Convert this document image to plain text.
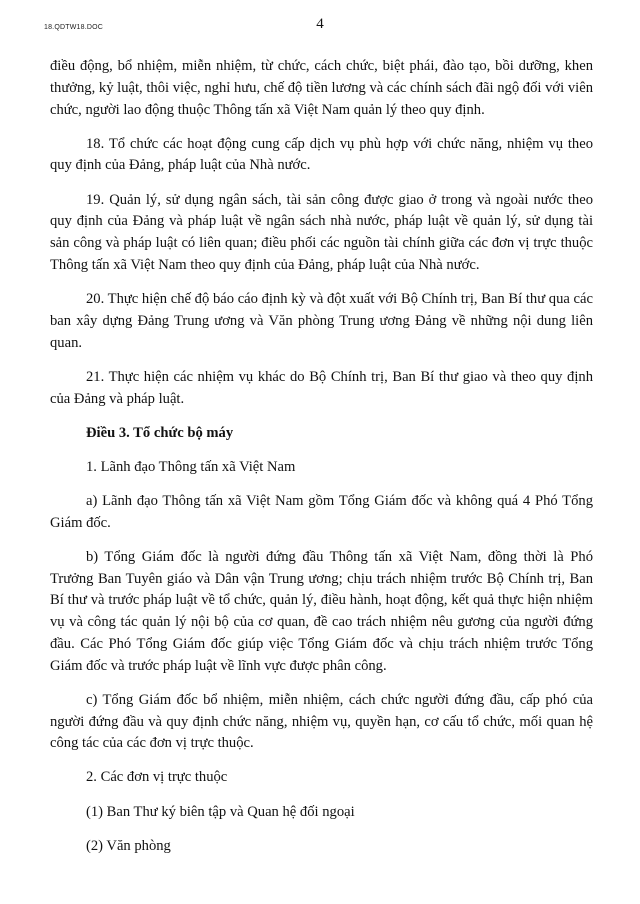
18.QDTW18.DOC	4

điều động, bổ nhiệm, miễn nhiệm, từ chức, cách chức, biệt phái, đào tạo, bồi dưỡng, khen thưởng, kỷ luật, thôi việc, nghỉ hưu, chế độ tiền lương và các chính sách đãi ngộ đối với viên chức, người lao động thuộc Thông tấn xã Việt Nam quản lý theo quy định.

18. Tổ chức các hoạt động cung cấp dịch vụ phù hợp với chức năng, nhiệm vụ theo quy định của Đảng, pháp luật của Nhà nước.

19. Quản lý, sử dụng ngân sách, tài sản công được giao ở trong và ngoài nước theo quy định của Đảng và pháp luật về ngân sách nhà nước, pháp luật về quản lý, sử dụng tài sản công và pháp luật có liên quan; điều phối các nguồn tài chính giữa các đơn vị trực thuộc Thông tấn xã Việt Nam theo quy định của Đảng, pháp luật của Nhà nước.

20. Thực hiện chế độ báo cáo định kỳ và đột xuất với Bộ Chính trị, Ban Bí thư qua các ban xây dựng Đảng Trung ương và Văn phòng Trung ương Đảng về những nội dung liên quan.

21. Thực hiện các nhiệm vụ khác do Bộ Chính trị, Ban Bí thư giao và theo quy định của Đảng và pháp luật.

Điều 3. Tổ chức bộ máy

1. Lãnh đạo Thông tấn xã Việt Nam

a) Lãnh đạo Thông tấn xã Việt Nam gồm Tổng Giám đốc và không quá 4 Phó Tổng Giám đốc.

b) Tổng Giám đốc là người đứng đầu Thông tấn xã Việt Nam, đồng thời là Phó Trưởng Ban Tuyên giáo và Dân vận Trung ương; chịu trách nhiệm trước Bộ Chính trị, Ban Bí thư và trước pháp luật về tổ chức, quản lý, điều hành, hoạt động, kết quả thực hiện nhiệm vụ và công tác quản lý nội bộ của cơ quan, đề cao trách nhiệm nêu gương của người đứng đầu. Các Phó Tổng Giám đốc giúp việc Tổng Giám đốc và chịu trách nhiệm trước Tổng Giám đốc và trước pháp luật về lĩnh vực được phân công.

c) Tổng Giám đốc bổ nhiệm, miễn nhiệm, cách chức người đứng đầu, cấp phó của người đứng đầu và quy định chức năng, nhiệm vụ, quyền hạn, cơ cấu tổ chức, mối quan hệ công tác của các đơn vị trực thuộc.

2. Các đơn vị trực thuộc

(1) Ban Thư ký biên tập và Quan hệ đối ngoại

(2) Văn phòng
